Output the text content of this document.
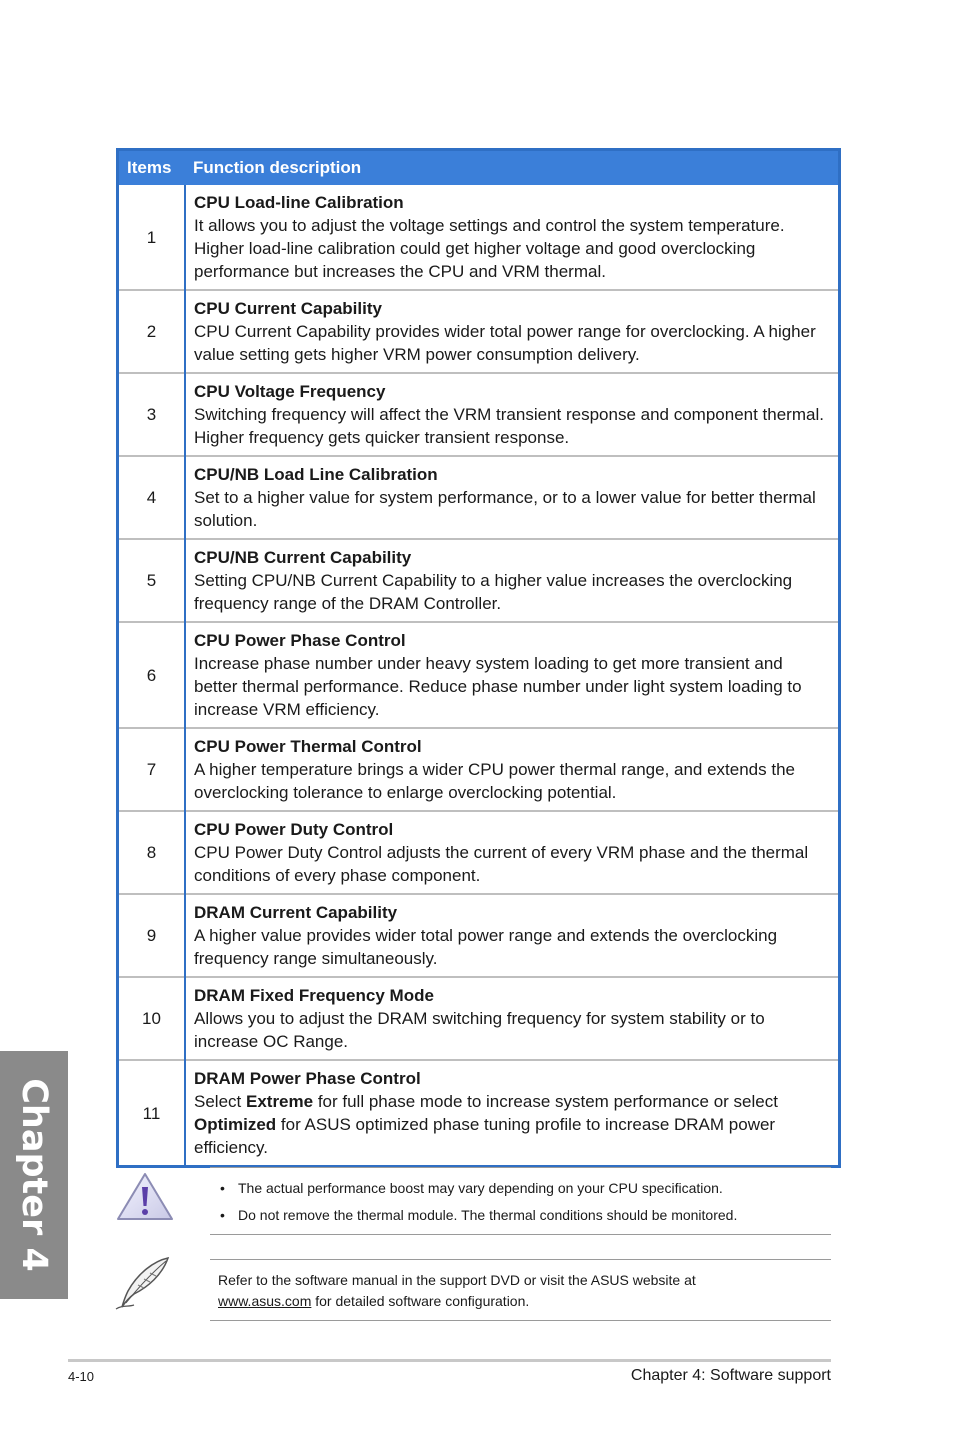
Chapter 4
Items	Function description
1	CPU Load-line Calibration
It allows you to adjust the voltage settings and control the system temperature. Higher load-line calibration could get higher voltage and good overclocking performance but increases the CPU and VRM thermal.

2	CPU Current Capability
CPU Current Capability provides wider total power range for overclocking. A higher value setting gets higher VRM power consumption delivery.

3	CPU Voltage Frequency
Switching frequency will affect the VRM transient response and component thermal. Higher frequency gets quicker transient response.

4	CPU/NB Load Line Calibration
Set to a higher value for system performance, or to a lower value for better thermal solution.

5	CPU/NB Current Capability
Setting CPU/NB Current Capability to a higher value increases the overclocking frequency range of the DRAM Controller.

6	CPU Power Phase Control
Increase phase number under heavy system loading to get more transient and better thermal performance. Reduce phase number under light system loading to increase VRM efficiency.

7	CPU Power Thermal Control
A higher temperature brings a wider CPU power thermal range, and extends the overclocking tolerance to enlarge overclocking potential.

8	CPU Power Duty Control
CPU Power Duty Control adjusts the current of every VRM phase and the thermal conditions of every phase component.

9	DRAM Current Capability
A higher value provides wider total power range and extends the overclocking frequency range simultaneously.

10	DRAM Fixed Frequency Mode
Allows you to adjust the DRAM switching frequency for system stability or to increase OC Range.

11	DRAM Power Phase Control
Select Extreme for full phase mode to increase system performance or select Optimized for ASUS optimized phase tuning profile to increase DRAM power efficiency.
• The actual performance boost may vary depending on your CPU specification.
• Do not remove the thermal module. The thermal conditions should be monitored.
Refer to the software manual in the support DVD or visit the ASUS website at
www.asus.com for detailed software configuration.
4-10	Chapter 4: Software support
